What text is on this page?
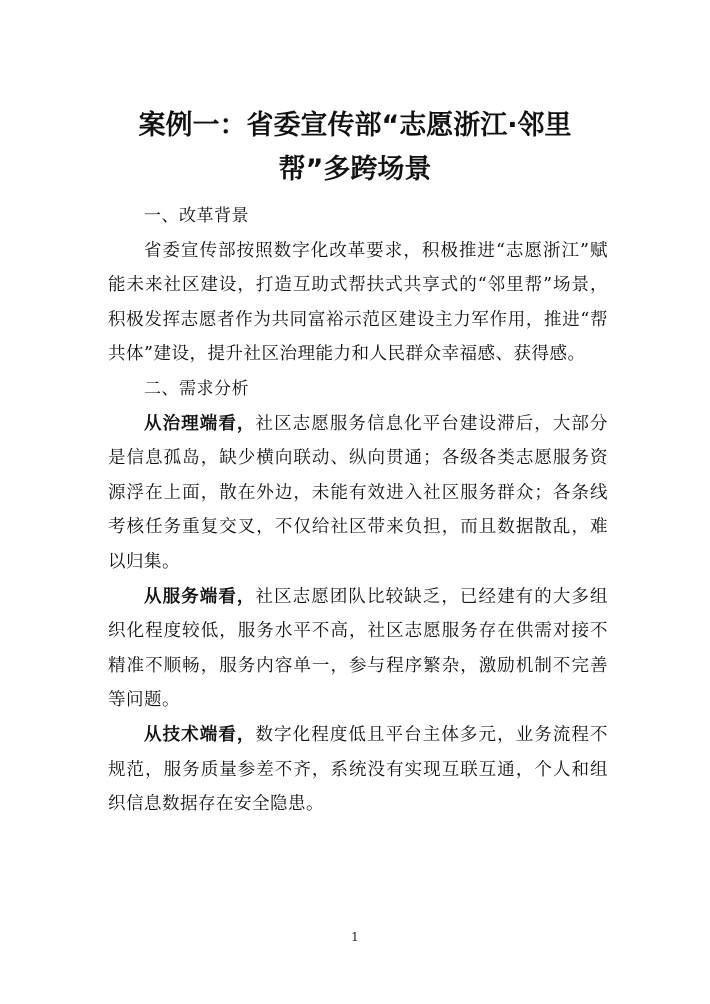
案例一：省委宣传部“志愿浙江·邻里
帮”多跨场景
一、改革背景
省委宣传部按照数字化改革要求，积极推进“志愿浙江”赋能未来社区建设，打造互助式帮扶式共享式的“邻里帮”场景，积极发挥志愿者作为共同富裕示范区建设主力军作用，推进“帮共体”建设，提升社区治理能力和人民群众幸福感、获得感。
二、需求分析
从治理端看，社区志愿服务信息化平台建设滞后，大部分是信息孤岛，缺少横向联动、纵向贯通；各级各类志愿服务资源浮在上面，散在外边，未能有效进入社区服务群众；各条线考核任务重复交叉，不仅给社区带来负担，而且数据散乱，难以归集。
从服务端看，社区志愿团队比较缺乏，已经建有的大多组织化程度较低，服务水平不高，社区志愿服务存在供需对接不精准不顺畅，服务内容单一，参与程序繁杂，激励机制不完善等问题。
从技术端看，数字化程度低且平台主体多元，业务流程不规范，服务质量参差不齐，系统没有实现互联互通，个人和组织信息数据存在安全隐患。
1
